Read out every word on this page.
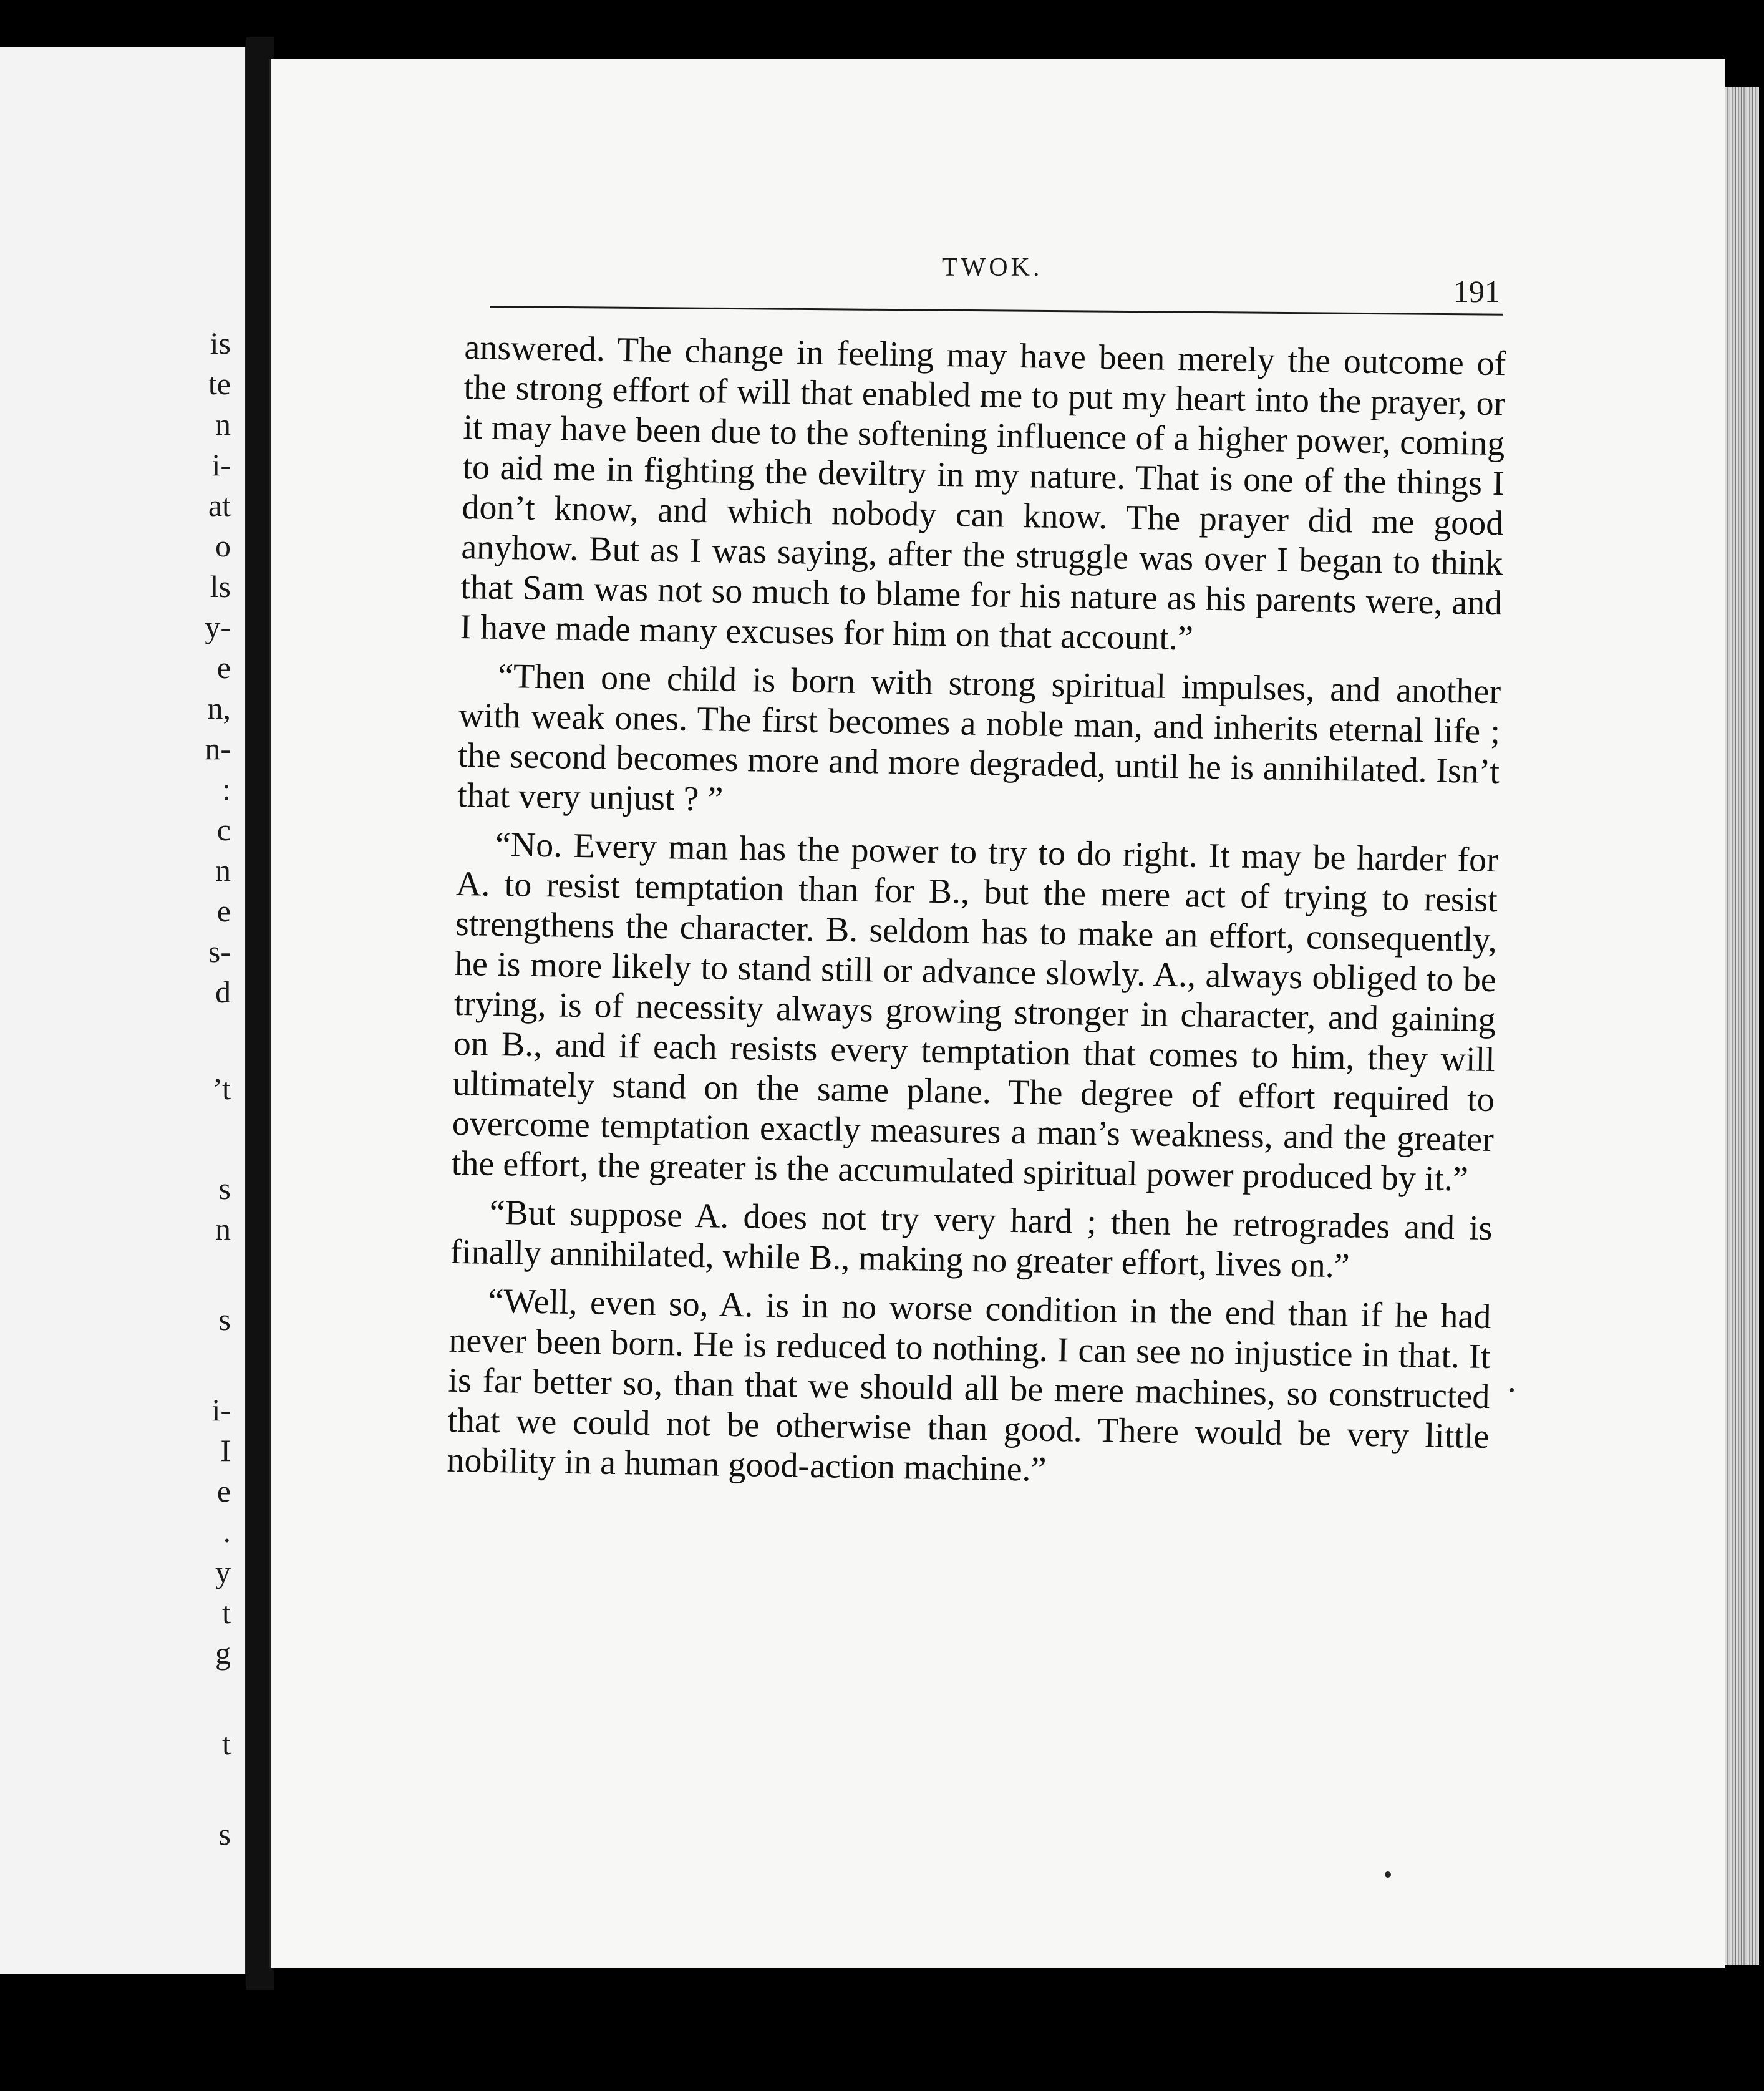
is
te
n
i-
at
o
ls
y-
e
n,
n-
:
c
n
e
s-
d
’t
s
n
s
i-
I
e
.
y
t
g
t
s
TWOK.
191

answered. The change in feeling may have been merely the outcome of the strong effort of will that enabled me to put my heart into the prayer, or it may have been due to the softening influence of a higher power, coming to aid me in fighting the deviltry in my nature. That is one of the things I don’t know, and which nobody can know. The prayer did me good anyhow. But as I was saying, after the struggle was over I began to think that Sam was not so much to blame for his nature as his parents were, and I have made many excuses for him on that account.”

“Then one child is born with strong spiritual impulses, and another with weak ones. The first becomes a noble man, and inherits eternal life ; the second becomes more and more degraded, until he is annihilated. Isn’t that very unjust ? ”

“No. Every man has the power to try to do right. It may be harder for A. to resist temptation than for B., but the mere act of trying to resist strengthens the character. B. seldom has to make an effort, consequently, he is more likely to stand still or advance slowly. A., always obliged to be trying, is of necessity always growing stronger in character, and gaining on B., and if each resists every temptation that comes to him, they will ultimately stand on the same plane. The degree of effort required to overcome temptation exactly measures a man’s weakness, and the greater the effort, the greater is the accumulated spiritual power produced by it.”

“But suppose A. does not try very hard ; then he retrogrades and is finally annihilated, while B., making no greater effort, lives on.”

“Well, even so, A. is in no worse condition in the end than if he had never been born. He is reduced to nothing. I can see no injustice in that. It is far better so, than that we should all be mere machines, so constructed that we could not be otherwise than good. There would be very little nobility in a human good-action machine.”
